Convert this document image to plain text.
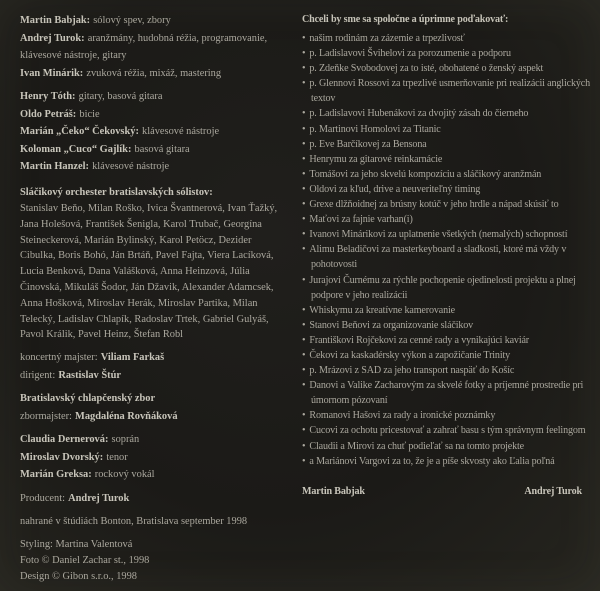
Martin Babjak: sólový spev, zbory

Andrej Turok: aranžmány, hudobná réžia, programovanie, klávesové nástroje, gitary

Ivan Minárik: zvuková réžia, mixáž, mastering

Henry Tóth: gitary, basová gitara

Oldo Petráš: bicie

Marián „Čeko“ Čekovský: klávesové nástroje

Koloman „Cuco“ Gajlík: basová gitara

Martin Hanzel: klávesové nástroje

Sláčikový orchester bratislavských sólistov:

Stanislav Beňo, Milan Roško, Ivica Švantnerová, Ivan Ťažký, Jana Holešová, František Šenigla, Karol Trubač, Georgína Steineckerová, Marián Bylinský, Karol Petöcz, Dezider Cibulka, Boris Bohó, Ján Brtáň, Pavel Fajta, Viera Lacíková, Lucia Benková, Dana Valášková, Anna Heinzová, Júlia Činovská, Mikuláš Šodor, Ján Džavik, Alexander Adamcsek, Anna Hošková, Miroslav Herák, Miroslav Partika, Milan Telecký, Ladislav Chlapík, Radoslav Trtek, Gabriel Gulyáš, Pavol Králik, Pavel Heinz, Štefan Robl

koncertný majster: Viliam Farkaš

dirigent: Rastislav Štúr

Bratislavský chlapčenský zbor

zbormajster: Magdaléna Rovňáková

Claudia Dernerová: soprán

Miroslav Dvorský: tenor

Marián Greksa: rockový vokál

Producent: Andrej Turok

nahrané v štúdiách Bonton, Bratislava september 1998

Styling: Martina Valentová

Foto © Daniel Zachar st., 1998

Design © Gibon s.r.o., 1998

Chceli by sme sa spoločne a úprimne poďakovať:

• našim rodinám za zázemie a trpezlivosť
• p. Ladislavovi Švihelovi za porozumenie a podporu
• p. Zdeňke Svobodovej za to isté, obohatené o ženský aspekt
• p. Glennovi Rossovi za trpezlivé usmerňovanie pri realizácii anglických textov
• p. Ladislavovi Hubenákovi za dvojitý zásah do čierneho
• p. Martinovi Homolovi za Titanic
• p. Eve Barčíkovej za Bensona
• Henrymu za gitarové reinkarnácie
• Tomášovi za jeho skvelú kompozíciu a sláčikový aranžmán
• Oldovi za kľud, drive a neuveriteľný timing
• Grexe dlžňoidnej za brúsny kotúč v jeho hrdle a nápad skúsiť to
• Maťovi za fajnie varhan(i)
• Ivanovi Minárikovi za uplatnenie všetkých (nemalých) schopností
• Alimu Beladičovi za masterkeyboard a sladkosti, ktoré má vždy v pohotovosti
• Jurajovi Čurnému za rýchle pochopenie ojedinelosti projektu a plnej podpore v jeho realizácii
• Whiskymu za kreatívne kamerovanie
• Stanovi Beňovi za organizovanie sláčikov
• Františkovi Rojčekovi za cenné rady a vynikajúci kaviár
• Čekovi za kaskadérsky výkon a zapožičanie Trinity
• p. Mrázovi z SAD za jeho transport naspäť do Košíc
• Danovi a Valike Zacharovým za skvelé fotky a príjemné prostredie pri úmornom pózovaní
• Romanovi Hašovi za rady a ironické poznámky
• Cucovi za ochotu pricestovať a zahrať basu s tým správnym feelingom
• Claudii a Mirovi za chuť podieľať sa na tomto projekte
• a Mariánovi Vargovi za to, že je a píše skvosty ako Ľalia poľná
Martin Babjak	Andrej Turok
